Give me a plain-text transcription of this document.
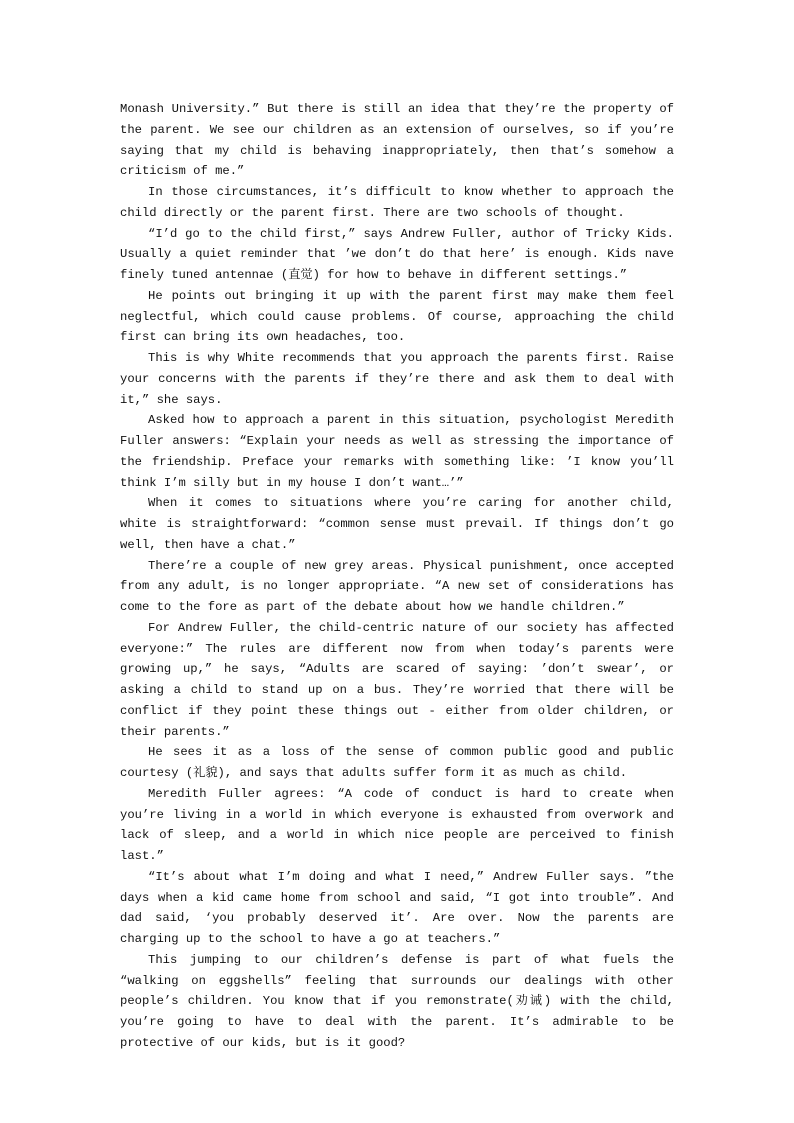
Monash University.” But there is still an idea that they’re the property of the parent. We see our children as an extension of ourselves, so if you’re saying that my child is behaving inappropriately, then that’s somehow a criticism of me.”

In those circumstances, it’s difficult to know whether to approach the child directly or the parent first. There are two schools of thought.

“I’d go to the child first,” says Andrew Fuller, author of Tricky Kids. Usually a quiet reminder that ’we don’t do that here’ is enough. Kids nave finely tuned antennae (直觉) for how to behave in different settings.”

He points out bringing it up with the parent first may make them feel neglectful, which could cause problems. Of course, approaching the child first can bring its own headaches, too.

This is why White recommends that you approach the parents first. Raise your concerns with the parents if they’re there and ask them to deal with it,” she says.

Asked how to approach a parent in this situation, psychologist Meredith Fuller answers: “Explain your needs as well as stressing the importance of the friendship. Preface your remarks with something like: ’I know you’ll think I’m silly but in my house I don’t want…’”

When it comes to situations where you’re caring for another child, white is straightforward: “common sense must prevail. If things don’t go well, then have a chat.”

There’re a couple of new grey areas. Physical punishment, once accepted from any adult, is no longer appropriate. “A new set of considerations has come to the fore as part of the debate about how we handle children.”

For Andrew Fuller, the child-centric nature of our society has affected everyone:” The rules are different now from when today’s parents were growing up,” he says, “Adults are scared of saying: ’don’t swear’, or asking a child to stand up on a bus. They’re worried that there will be conflict if they point these things out - either from older children, or their parents.”

He sees it as a loss of the sense of common public good and public courtesy (礼貌), and says that adults suffer form it as much as child.

Meredith Fuller agrees: “A code of conduct is hard to create when you’re living in a world in which everyone is exhausted from overwork and lack of sleep, and a world in which nice people are perceived to finish last.”

“It’s about what I’m doing and what I need,” Andrew Fuller says. ”the days when a kid came home from school and said, “I got into trouble”. And dad said, ‘you probably deserved it’. Are over. Now the parents are charging up to the school to have a go at teachers.”

This jumping to our children’s defense is part of what fuels the “walking on eggshells” feeling that surrounds our dealings with other people’s children. You know that if you remonstrate(劝诫) with the child, you’re going to have to deal with the parent. It’s admirable to be protective of our kids, but is it good?
